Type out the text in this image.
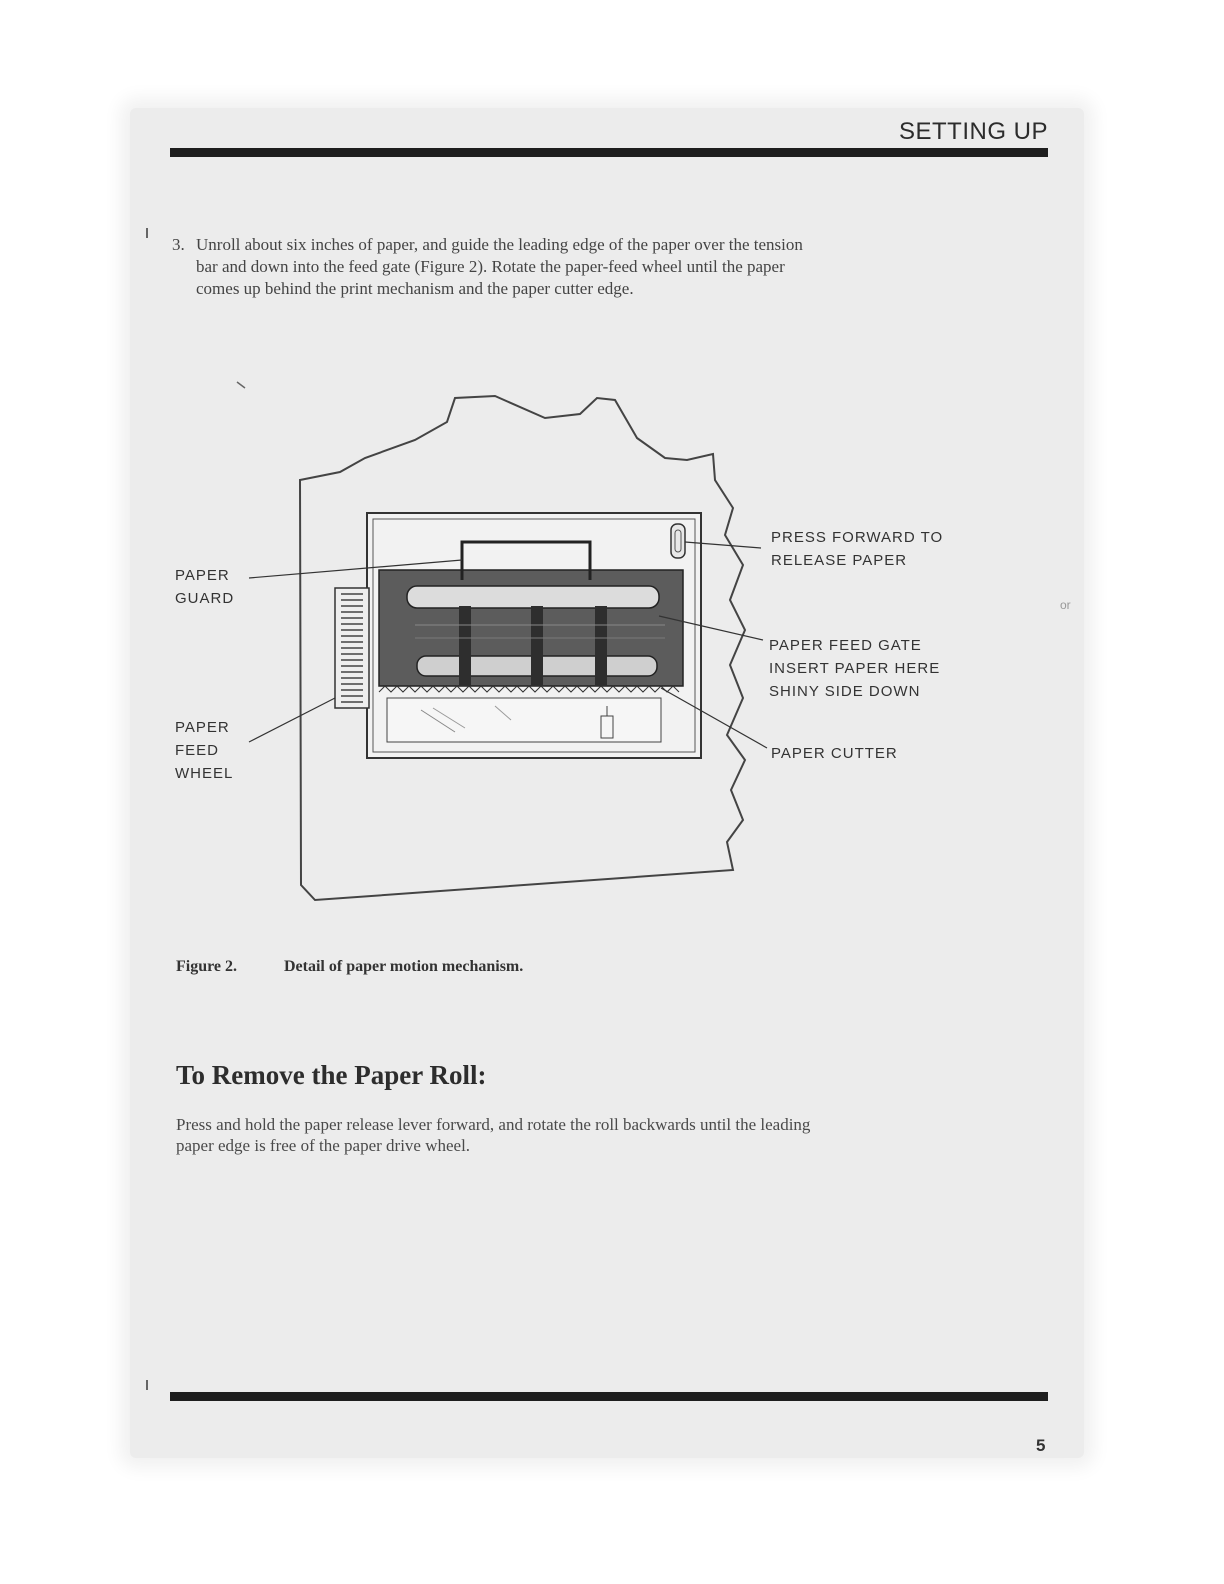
SETTING UP
3. Unroll about six inches of paper, and guide the leading edge of the paper over the tension bar and down into the feed gate (Figure 2). Rotate the paper-feed wheel until the paper comes up behind the print mechanism and the paper cutter edge.
PAPER
GUARD
PAPER
FEED
WHEEL
PRESS FORWARD TO
RELEASE PAPER
PAPER FEED GATE
INSERT PAPER HERE
SHINY SIDE DOWN
PAPER CUTTER
Figure 2.	Detail of paper motion mechanism.
To Remove the Paper Roll:
Press and hold the paper release lever forward, and rotate the roll backwards until the leading paper edge is free of the paper drive wheel.
or
5
